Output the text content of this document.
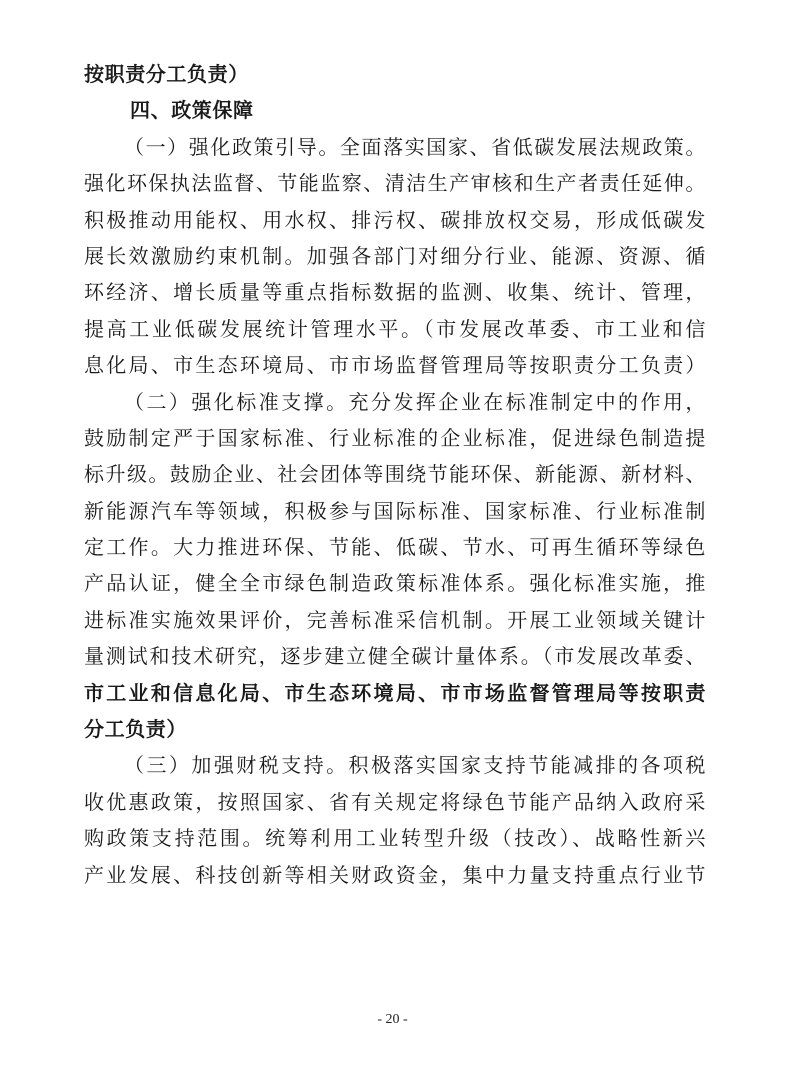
按职责分工负责）
四、政策保障
（一）强化政策引导。全面落实国家、省低碳发展法规政策。
强化环保执法监督、节能监察、清洁生产审核和生产者责任延伸。
积极推动用能权、用水权、排污权、碳排放权交易，形成低碳发
展长效激励约束机制。加强各部门对细分行业、能源、资源、循
环经济、增长质量等重点指标数据的监测、收集、统计、管理，
提高工业低碳发展统计管理水平。（市发展改革委、市工业和信
息化局、市生态环境局、市市场监督管理局等按职责分工负责）
（二）强化标准支撑。充分发挥企业在标准制定中的作用，
鼓励制定严于国家标准、行业标准的企业标准，促进绿色制造提
标升级。鼓励企业、社会团体等围绕节能环保、新能源、新材料、
新能源汽车等领域，积极参与国际标准、国家标准、行业标准制
定工作。大力推进环保、节能、低碳、节水、可再生循环等绿色
产品认证，健全全市绿色制造政策标准体系。强化标准实施，推
进标准实施效果评价，完善标准采信机制。开展工业领域关键计
量测试和技术研究，逐步建立健全碳计量体系。（市发展改革委、
市工业和信息化局、市生态环境局、市市场监督管理局等按职责
分工负责）
（三）加强财税支持。积极落实国家支持节能减排的各项税
收优惠政策，按照国家、省有关规定将绿色节能产品纳入政府采
购政策支持范围。统筹利用工业转型升级（技改）、战略性新兴
产业发展、科技创新等相关财政资金，集中力量支持重点行业节
- 20 -
